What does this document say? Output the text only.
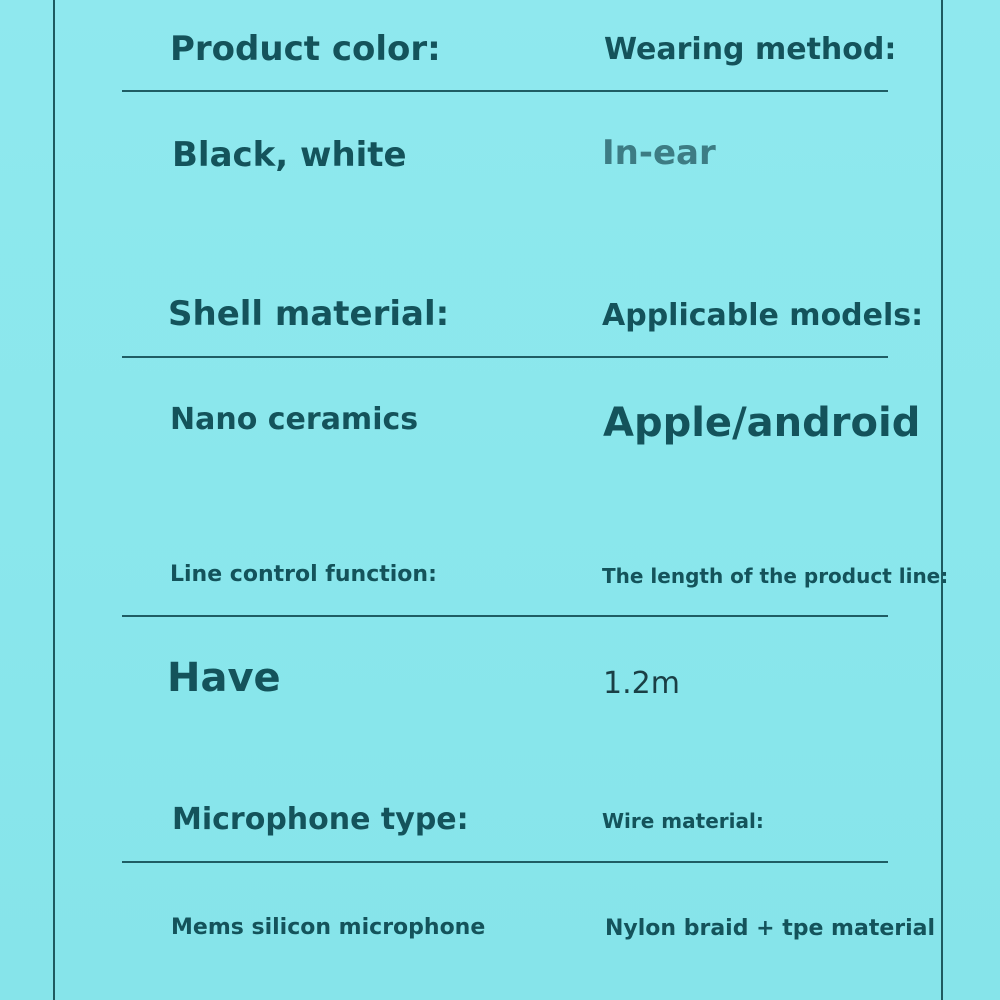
Product color:	Wearing method:
Black, white	In-ear
Shell material:	Applicable models:
Nano ceramics	Apple/android
Line control function:	The length of the product line:
Have	1.2m
Microphone type:	Wire material:
Mems silicon microphone	Nylon braid + tpe material
